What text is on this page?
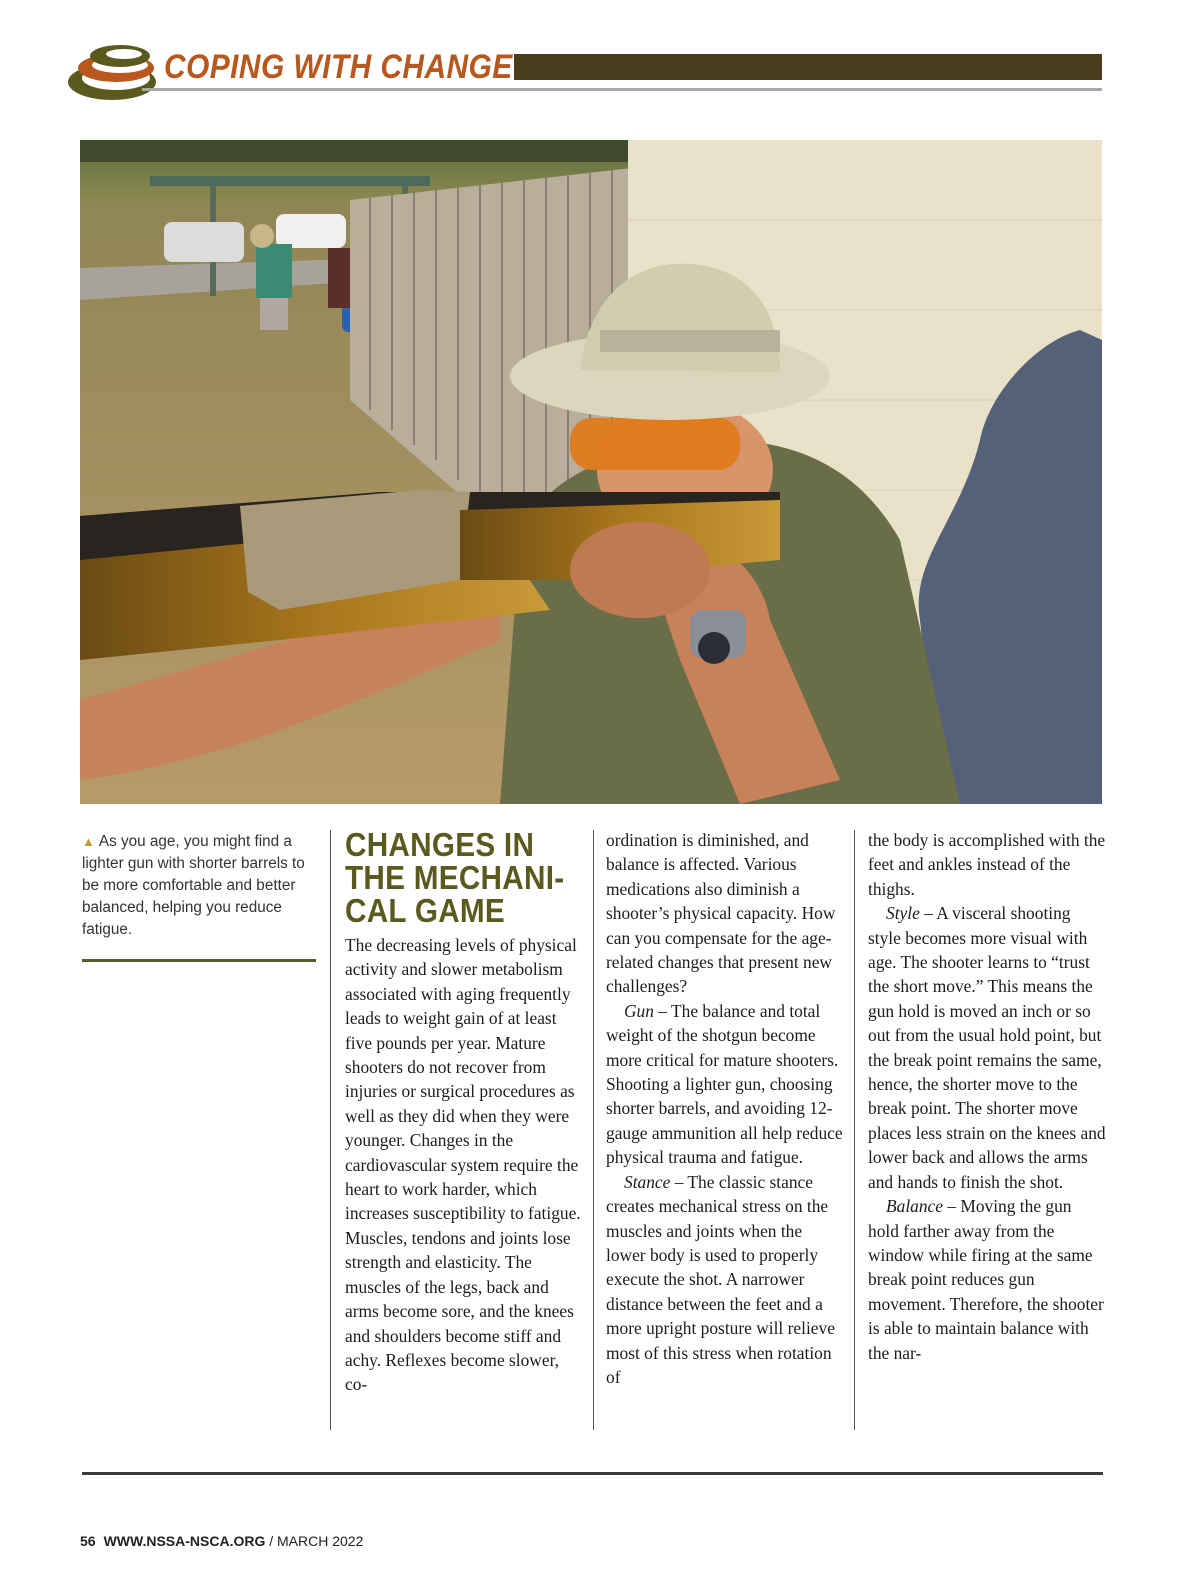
COPING WITH CHANGE
▲ As you age, you might find a lighter gun with shorter barrels to be more comfortable and better balanced, helping you reduce fatigue.
CHANGES IN
THE MECHANI-
CAL GAME

The decreasing levels of physical activity and slower metabolism associated with aging frequently leads to weight gain of at least five pounds per year. Mature shooters do not recover from injuries or surgical procedures as well as they did when they were younger. Changes in the cardiovascular system require the heart to work harder, which increases susceptibility to fatigue. Muscles, tendons and joints lose strength and elasticity. The muscles of the legs, back and arms become sore, and the knees and shoulders become stiff and achy. Reflexes become slower, co-

ordination is diminished, and balance is affected. Various medications also diminish a shooter’s physical capacity. How can you compensate for the age-related changes that present new challenges?

Gun – The balance and total weight of the shotgun become more critical for mature shooters. Shooting a lighter gun, choosing shorter barrels, and avoiding 12-gauge ammunition all help reduce physical trauma and fatigue.

Stance – The classic stance creates mechanical stress on the muscles and joints when the lower body is used to properly execute the shot. A narrower distance between the feet and a more upright posture will relieve most of this stress when rotation of

the body is accomplished with the feet and ankles instead of the thighs.

Style – A visceral shooting style becomes more visual with age. The shooter learns to “trust the short move.” This means the gun hold is moved an inch or so out from the usual hold point, but the break point remains the same, hence, the shorter move to the break point. The shorter move places less strain on the knees and lower back and allows the arms and hands to finish the shot.

Balance – Moving the gun hold farther away from the window while firing at the same break point reduces gun movement. Therefore, the shooter is able to maintain balance with the nar-

56 WWW.NSSA-NSCA.ORG / MARCH 2022
